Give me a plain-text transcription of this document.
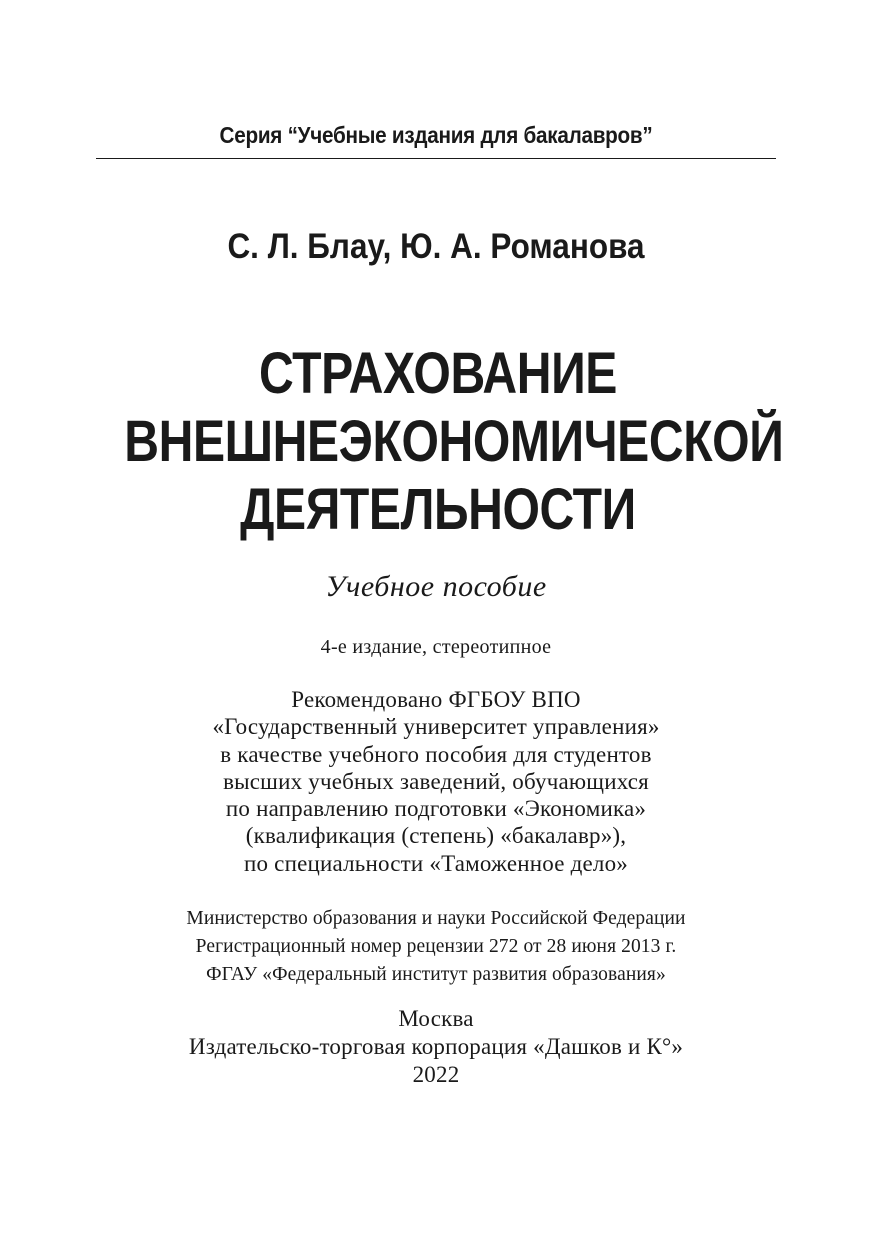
Серия “Учебные издания для бакалавров”
С. Л. Блау, Ю. А. Романова
СТРАХОВАНИЕ
ВНЕШНЕЭКОНОМИЧЕСКОЙ
ДЕЯТЕЛЬНОСТИ
Учебное пособие
4-е издание, стереотипное
Рекомендовано ФГБОУ ВПО
«Государственный университет управления»
в качестве учебного пособия для студентов
высших учебных заведений, обучающихся
по направлению подготовки «Экономика»
(квалификация (степень) «бакалавр»),
по специальности «Таможенное дело»
Министерство образования и науки Российской Федерации
Регистрационный номер рецензии 272 от 28 июня 2013 г.
ФГАУ «Федеральный институт развития образования»
Москва
Издательско-торговая корпорация «Дашков и К°»
2022
